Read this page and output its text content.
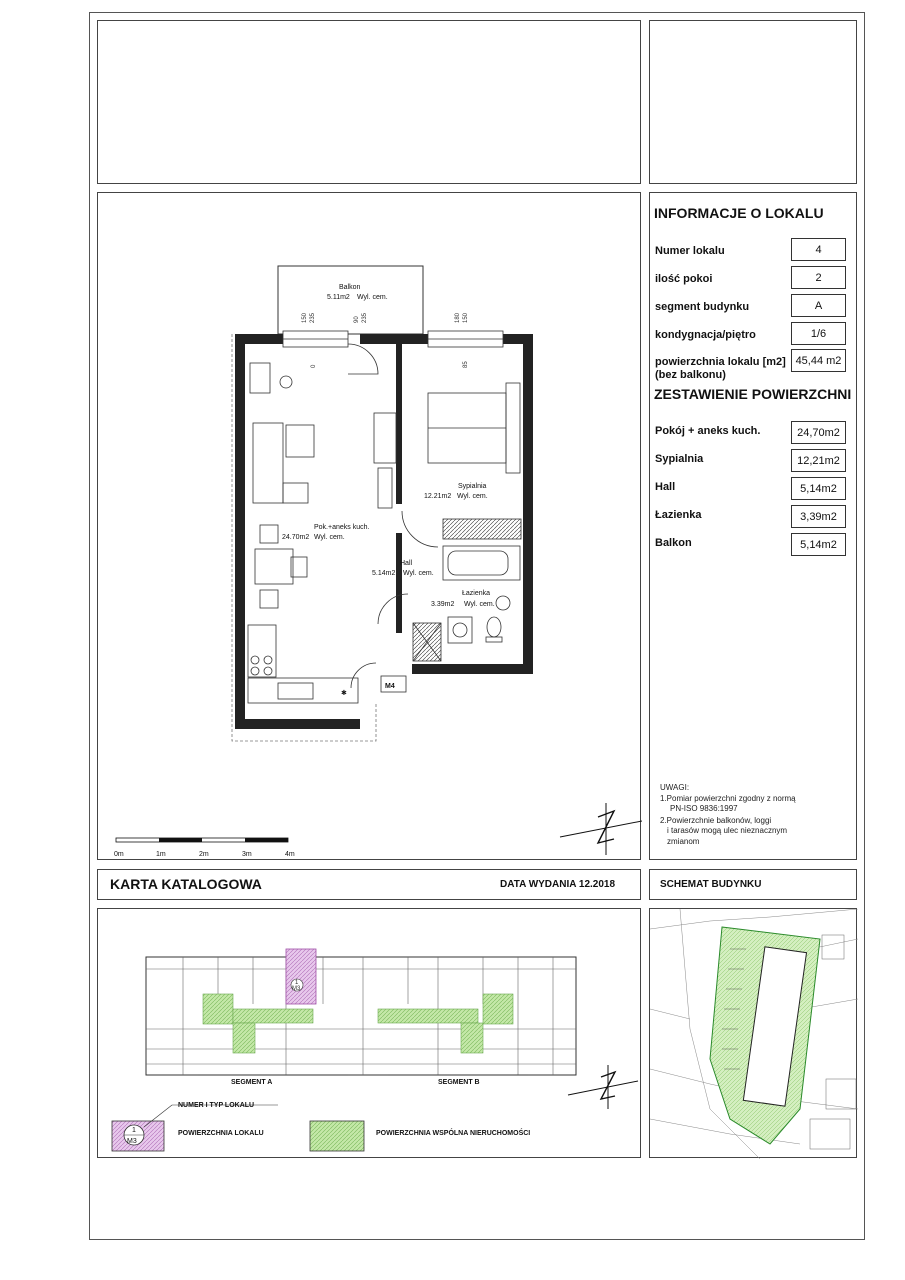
✱
M4
Balkon
5.11m2 Wyl. cem.
Sypialnia
12.21m2 Wyl. cem.
Pok.+aneks kuch.
24.70m2 Wyl. cem.
Hall
5.14m2 Wyl. cem.
Łazienka
3.39m2 Wyl. cem.
150 235	90 235	180 150
0	85
0m	1m	2m	3m	4m
INFORMACJE O LOKALU
Numer lokalu	4
ilość pokoi	2
segment budynku	A
kondygnacja/piętro	1/6
powierzchnia lokalu [m2]
(bez balkonu)
45,44 m2
ZESTAWIENIE POWIERZCHNI
Pokój + aneks kuch.	24,70m2
Sypialnia	12,21m2
Hall	5,14m2
Łazienka	3,39m2
Balkon	5,14m2
UWAGI:
1.Pomiar powierzchni zgodny z normą
PN-ISO 9836:1997
2.Powierzchnie balkonów, loggi
i tarasów mogą ulec nieznacznym
zmianom
KARTA KATALOGOWA	DATA WYDANIA 12.2018	SCHEMAT BUDYNKU
1
M3
SEGMENT A	SEGMENT B
1
M3
NUMER I TYP LOKALU
POWIERZCHNIA LOKALU	POWIERZCHNIA WSPÓLNA NIERUCHOMOŚCI
